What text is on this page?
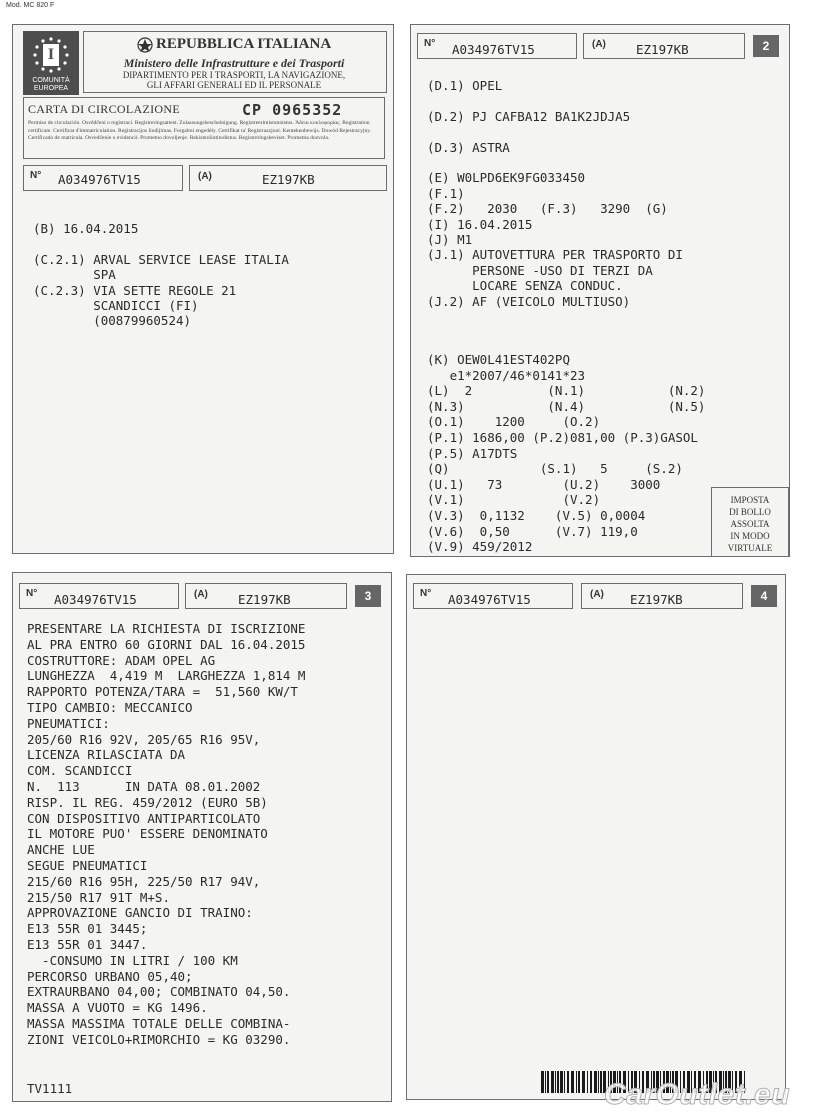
Mod. MC 820 F
I
COMUNITÀ EUROPEA
REPUBBLICA ITALIANA
Ministero delle Infrastrutture e dei Trasporti
DIPARTIMENTO PER I TRASPORTI, LA NAVIGAZIONE,
GLI AFFARI GENERALI ED IL PERSONALE
CARTA DI CIRCOLAZIONE	CP 0965352
Permiso de circulación. Osvědčení o registraci. Registreringsattest. Zulassungsbescheinigung. Registreerimistunnistus. Άδεια κυκλοφορίας. Registration certificate. Certificat d'immatriculation. Registracijos liudijimas. Forgalmi engedély. Certifikat ta' Registrazzjoni. Kentekenbewijs. Dowód Rejestracyjny. Certificado de matrícula. Osvedčenie o evidencii. Prometno dovoljenje. Rekisteröintitodistus. Registreringsbeviset. Prometna dozvola.
N° A034976TV15	(A)	EZ197KB
(B) 16.04.2015

(C.2.1) ARVAL SERVICE LEASE ITALIA
SPA
(C.2.3) VIA SETTE REGOLE 21
SCANDICCI (FI)
(00879960524)
2
N° A034976TV15	(A) EZ197KB
(D.1) OPEL

(D.2) PJ CAFBA12 BA1K2JDJA5

(D.3) ASTRA

(E) W0LPD6EK9FG033450
(F.1)
(F.2)   2030   (F.3)   3290  (G)
(I) 16.04.2015
(J) M1
(J.1) AUTOVETTURA PER TRASPORTO DI
PERSONE -USO DI TERZI DA
LOCARE SENZA CONDUC.
(J.2) AF (VEICOLO MULTIUSO)
(K) OEW0L41EST402PQ
e1*2007/46*0141*23
(L)  2          (N.1)           (N.2)
(N.3)           (N.4)           (N.5)
(O.1)    1200     (O.2)
(P.1) 1686,00 (P.2)081,00 (P.3)GASOL
(P.5) A17DTS
(Q)            (S.1)   5     (S.2)
(U.1)   73        (U.2)    3000
(V.1)             (V.2)
(V.3)  0,1132    (V.5) 0,0004
(V.6)  0,50      (V.7) 119,0
(V.9) 459/2012
IMPOSTA
DI BOLLO
ASSOLTA
IN MODO
VIRTUALE
3
N° A034976TV15	(A) EZ197KB
PRESENTARE LA RICHIESTA DI ISCRIZIONE
AL PRA ENTRO 60 GIORNI DAL 16.04.2015
COSTRUTTORE: ADAM OPEL AG
LUNGHEZZA  4,419 M  LARGHEZZA 1,814 M
RAPPORTO POTENZA/TARA =  51,560 KW/T
TIPO CAMBIO: MECCANICO
PNEUMATICI:
205/60 R16 92V, 205/65 R16 95V,
LICENZA RILASCIATA DA
COM. SCANDICCI
N.  113      IN DATA 08.01.2002
RISP. IL REG. 459/2012 (EURO 5B)
CON DISPOSITIVO ANTIPARTICOLATO
IL MOTORE PUO' ESSERE DENOMINATO
ANCHE LUE
SEGUE PNEUMATICI
215/60 R16 95H, 225/50 R17 94V,
215/50 R17 91T M+S.
APPROVAZIONE GANCIO DI TRAINO:
E13 55R 01 3445;
E13 55R 01 3447.
-CONSUMO IN LITRI / 100 KM
PERCORSO URBANO 05,40;
EXTRAURBANO 04,00; COMBINATO 04,50.
MASSA A VUOTO = KG 1496.
MASSA MASSIMA TOTALE DELLE COMBINA-
ZIONI VEICOLO+RIMORCHIO = KG 03290.
TV1111
4
N° A034976TV15	(A) EZ197KB
CarOutlet.eu
